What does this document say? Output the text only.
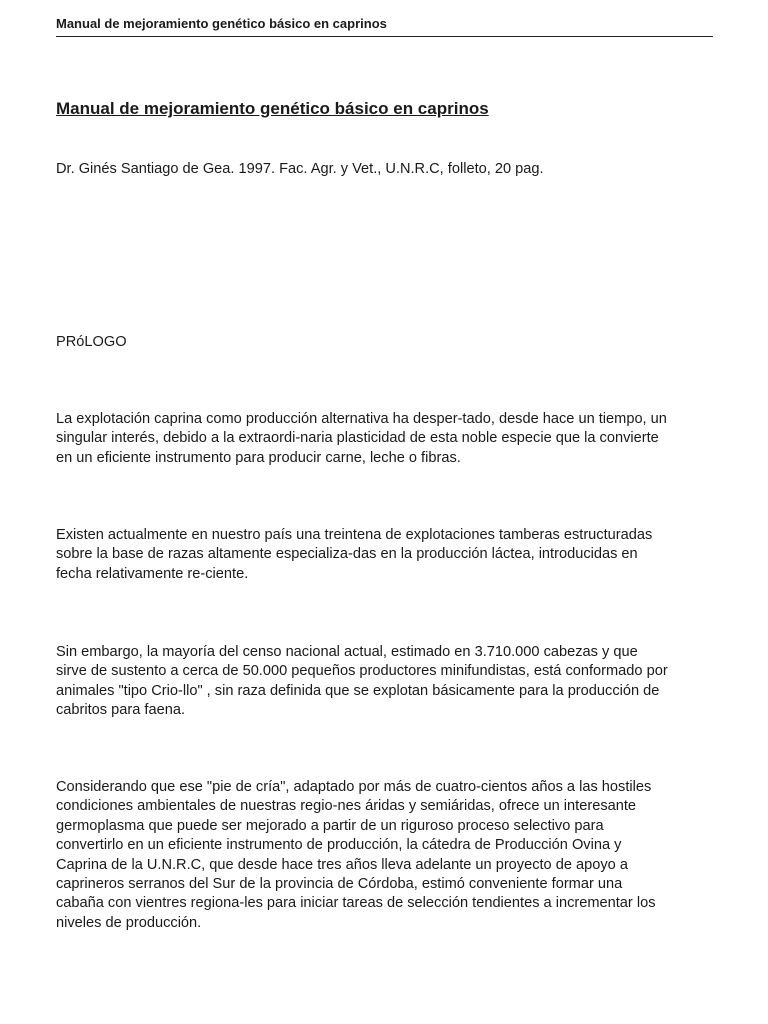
Manual de mejoramiento genético básico en caprinos
Manual de mejoramiento genético básico en caprinos
Dr. Ginés Santiago de Gea. 1997. Fac. Agr. y Vet., U.N.R.C, folleto, 20 pag.
PRóLOGO

La explotación caprina como producción alternativa ha desper-tado, desde hace un tiempo, un
singular interés, debido a la extraordi-naria plasticidad de esta noble especie que la convierte
en un eficiente instrumento para producir carne, leche o fibras.

Existen actualmente en nuestro país una treintena de explotaciones tamberas estructuradas
sobre la base de razas altamente especializa-das en la producción láctea, introducidas en
fecha relativamente re-ciente.

Sin embargo, la mayoría del censo nacional actual, estimado en 3.710.000 cabezas y que
sirve de sustento a cerca de 50.000 pequeños productores minifundistas, está conformado por
animales "tipo Crio-llo" , sin raza definida que se explotan básicamente para la producción de
cabritos para faena.

Considerando que ese "pie de cría", adaptado por más de cuatro-cientos años a las hostiles
condiciones ambientales de nuestras regio-nes áridas y semiáridas, ofrece un interesante
germoplasma que puede ser mejorado a partir de un riguroso proceso selectivo para
convertirlo en un eficiente instrumento de producción, la cátedra de Producción Ovina y
Caprina de la U.N.R.C, que desde hace tres años lleva adelante un proyecto de apoyo a
caprineros serranos del Sur de la provincia de Córdoba, estimó conveniente formar una
cabaña con vientres regiona-les para iniciar tareas de selección tendientes a incrementar los
niveles de producción.
